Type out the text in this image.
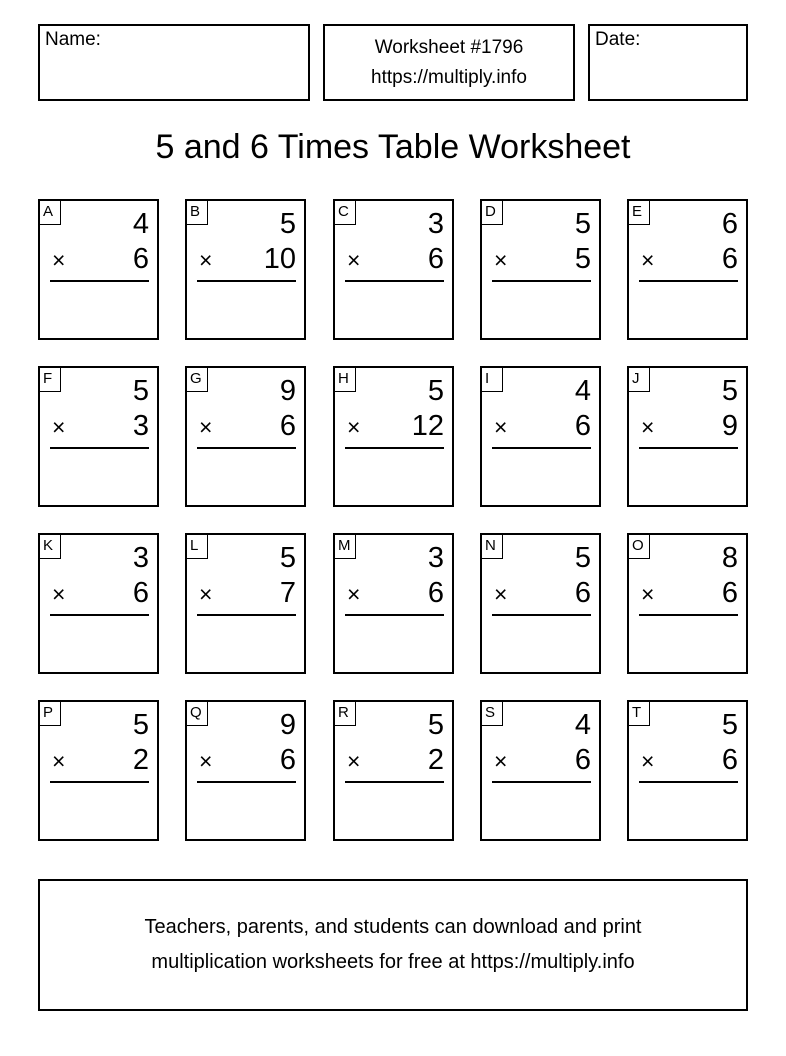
Name:	Worksheet #1796
https://multiply.info
Date:
5 and 6 Times Table Worksheet
A	4
× 6
B	5
× 10
C	3
× 6
D	5
× 5
E	6
× 6
F	5
× 3
G	9
× 6
H	5
× 12
I	4
× 6
J	5
× 9
K	3
× 6
L	5
× 7
M	3
× 6
N	5
× 6
O	8
× 6
P	5
× 2
Q	9
× 6
R	5
× 2
S	4
× 6
T	5
× 6
Teachers, parents, and students can download and print
multiplication worksheets for free at https://multiply.info
